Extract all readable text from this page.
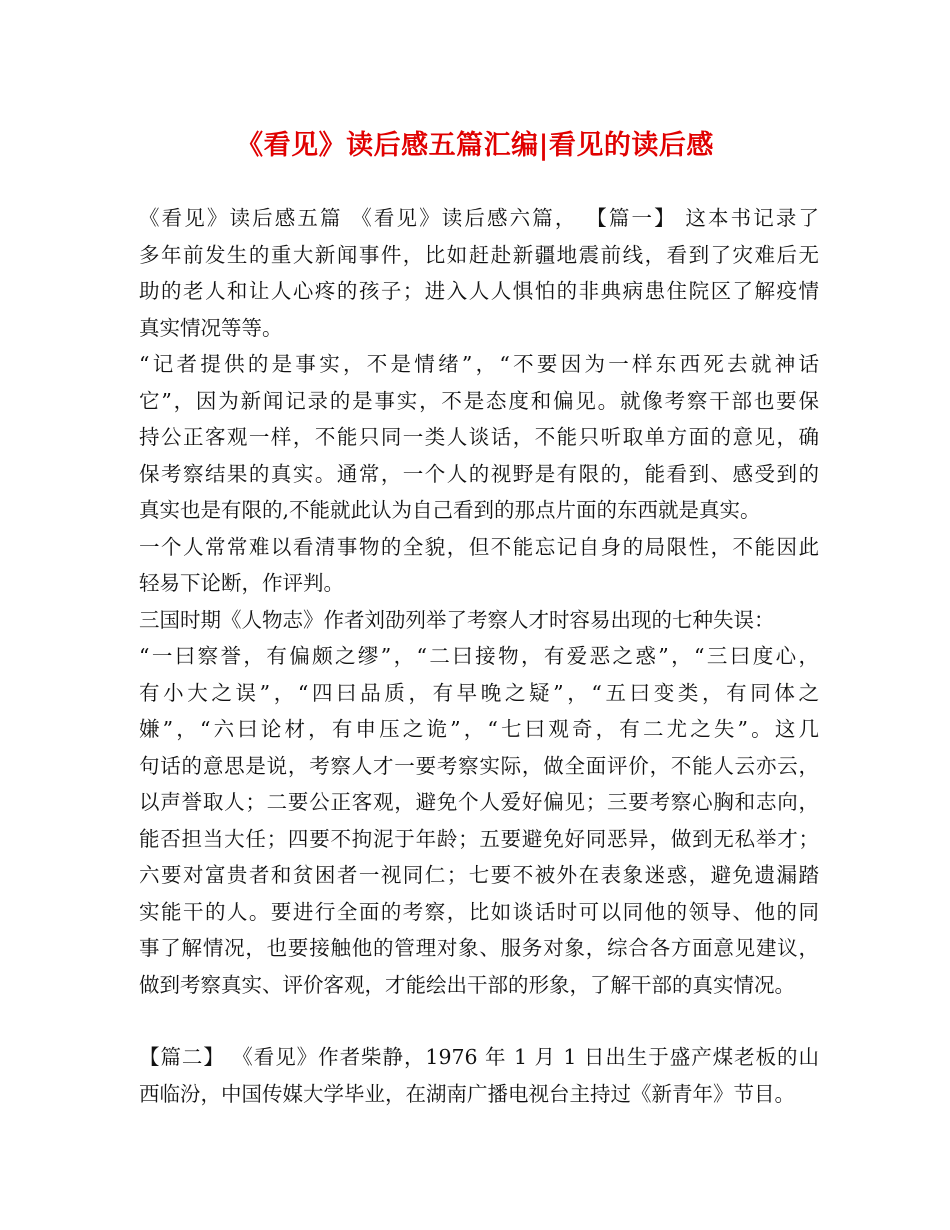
《看见》读后感五篇汇编|看见的读后感
《看见》读后感五篇 《看见》读后感六篇， 【篇一】 这本书记录了
多年前发生的重大新闻事件，比如赶赴新疆地震前线，看到了灾难后无
助的老人和让人心疼的孩子；进入人人惧怕的非典病患住院区了解疫情
真实情况等等。
“记者提供的是事实，不是情绪”，“不要因为一样东西死去就神话
它”，因为新闻记录的是事实，不是态度和偏见。就像考察干部也要保
持公正客观一样，不能只同一类人谈话，不能只听取单方面的意见，确
保考察结果的真实。通常，一个人的视野是有限的，能看到、感受到的
真实也是有限的,不能就此认为自己看到的那点片面的东西就是真实。
一个人常常难以看清事物的全貌，但不能忘记自身的局限性，不能因此
轻易下论断，作评判。
三国时期《人物志》作者刘劭列举了考察人才时容易出现的七种失误：
“一曰察誉，有偏颇之缪”，“二曰接物，有爱恶之惑”，“三曰度心，
有小大之误”，“四曰品质，有早晚之疑”，“五曰变类，有同体之
嫌”，“六曰论材，有申压之诡”，“七曰观奇，有二尤之失”。这几
句话的意思是说，考察人才一要考察实际，做全面评价，不能人云亦云，
以声誉取人；二要公正客观，避免个人爱好偏见；三要考察心胸和志向，
能否担当大任；四要不拘泥于年龄；五要避免好同恶异，做到无私举才；
六要对富贵者和贫困者一视同仁；七要不被外在表象迷惑，避免遗漏踏
实能干的人。要进行全面的考察，比如谈话时可以同他的领导、他的同
事了解情况，也要接触他的管理对象、服务对象，综合各方面意见建议，
做到考察真实、评价客观，才能绘出干部的形象，了解干部的真实情况。
【篇二】 《看见》作者柴静，1976 年 1 月 1 日出生于盛产煤老板的山
西临汾，中国传媒大学毕业，在湖南广播电视台主持过《新青年》节目。
